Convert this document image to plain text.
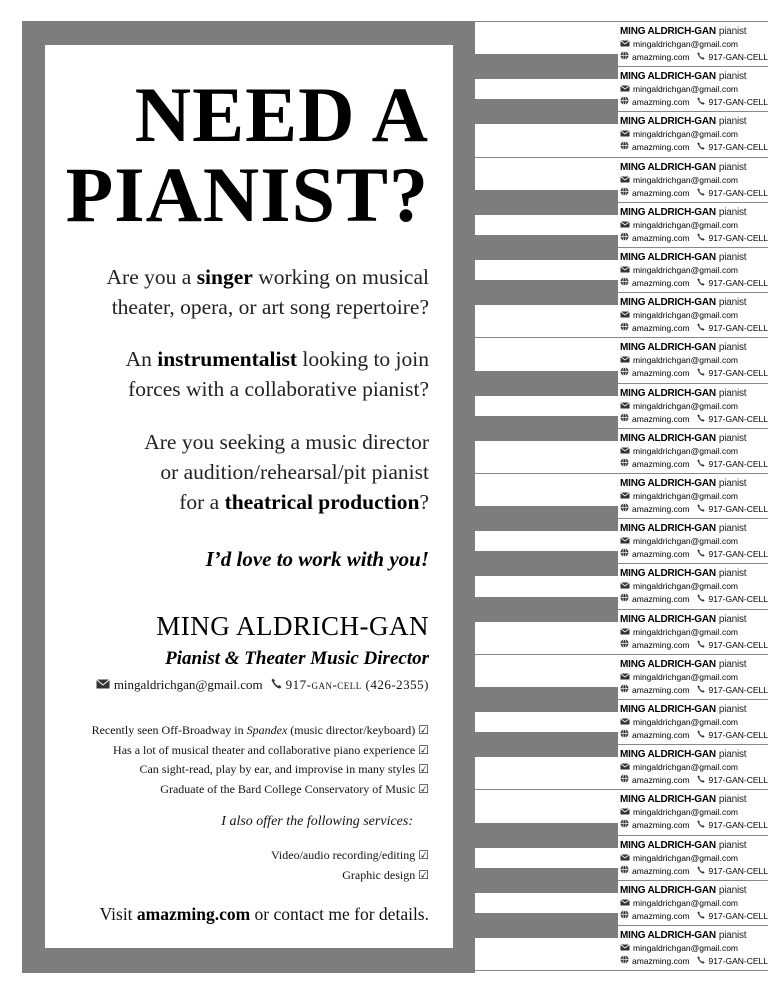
NEED A
PIANIST?

Are you a singer working on musical
theater, opera, or art song repertoire?

An instrumentalist looking to join
forces with a collaborative pianist?

Are you seeking a music director
or audition/rehearsal/pit pianist
for a theatrical production?

I’d love to work with you!

MING ALDRICH-GAN

Pianist & Theater Music Director

mingaldrichgan@gmail.com 917-gan-cell (426-2355)
Recently seen Off-Broadway in Spandex (music director/keyboard) ☑
Has a lot of musical theater and collaborative piano experience ☑
Can sight-read, play by ear, and improvise in many styles ☑
Graduate of the Bard College Conservatory of Music ☑

I also offer the following services:

Video/audio recording/editing ☑
Graphic design ☑

Visit amazming.com or contact me for details.

MING ALDRICH-GAN pianist
mingaldrichgan@gmail.com
amazming.com 917-GAN-CELL
MING ALDRICH-GAN pianist
mingaldrichgan@gmail.com
amazming.com 917-GAN-CELL
MING ALDRICH-GAN pianist
mingaldrichgan@gmail.com
amazming.com 917-GAN-CELL
MING ALDRICH-GAN pianist
mingaldrichgan@gmail.com
amazming.com 917-GAN-CELL
MING ALDRICH-GAN pianist
mingaldrichgan@gmail.com
amazming.com 917-GAN-CELL
MING ALDRICH-GAN pianist
mingaldrichgan@gmail.com
amazming.com 917-GAN-CELL
MING ALDRICH-GAN pianist
mingaldrichgan@gmail.com
amazming.com 917-GAN-CELL
MING ALDRICH-GAN pianist
mingaldrichgan@gmail.com
amazming.com 917-GAN-CELL
MING ALDRICH-GAN pianist
mingaldrichgan@gmail.com
amazming.com 917-GAN-CELL
MING ALDRICH-GAN pianist
mingaldrichgan@gmail.com
amazming.com 917-GAN-CELL
MING ALDRICH-GAN pianist
mingaldrichgan@gmail.com
amazming.com 917-GAN-CELL
MING ALDRICH-GAN pianist
mingaldrichgan@gmail.com
amazming.com 917-GAN-CELL
MING ALDRICH-GAN pianist
mingaldrichgan@gmail.com
amazming.com 917-GAN-CELL
MING ALDRICH-GAN pianist
mingaldrichgan@gmail.com
amazming.com 917-GAN-CELL
MING ALDRICH-GAN pianist
mingaldrichgan@gmail.com
amazming.com 917-GAN-CELL
MING ALDRICH-GAN pianist
mingaldrichgan@gmail.com
amazming.com 917-GAN-CELL
MING ALDRICH-GAN pianist
mingaldrichgan@gmail.com
amazming.com 917-GAN-CELL
MING ALDRICH-GAN pianist
mingaldrichgan@gmail.com
amazming.com 917-GAN-CELL
MING ALDRICH-GAN pianist
mingaldrichgan@gmail.com
amazming.com 917-GAN-CELL
MING ALDRICH-GAN pianist
mingaldrichgan@gmail.com
amazming.com 917-GAN-CELL
MING ALDRICH-GAN pianist
mingaldrichgan@gmail.com
amazming.com 917-GAN-CELL
